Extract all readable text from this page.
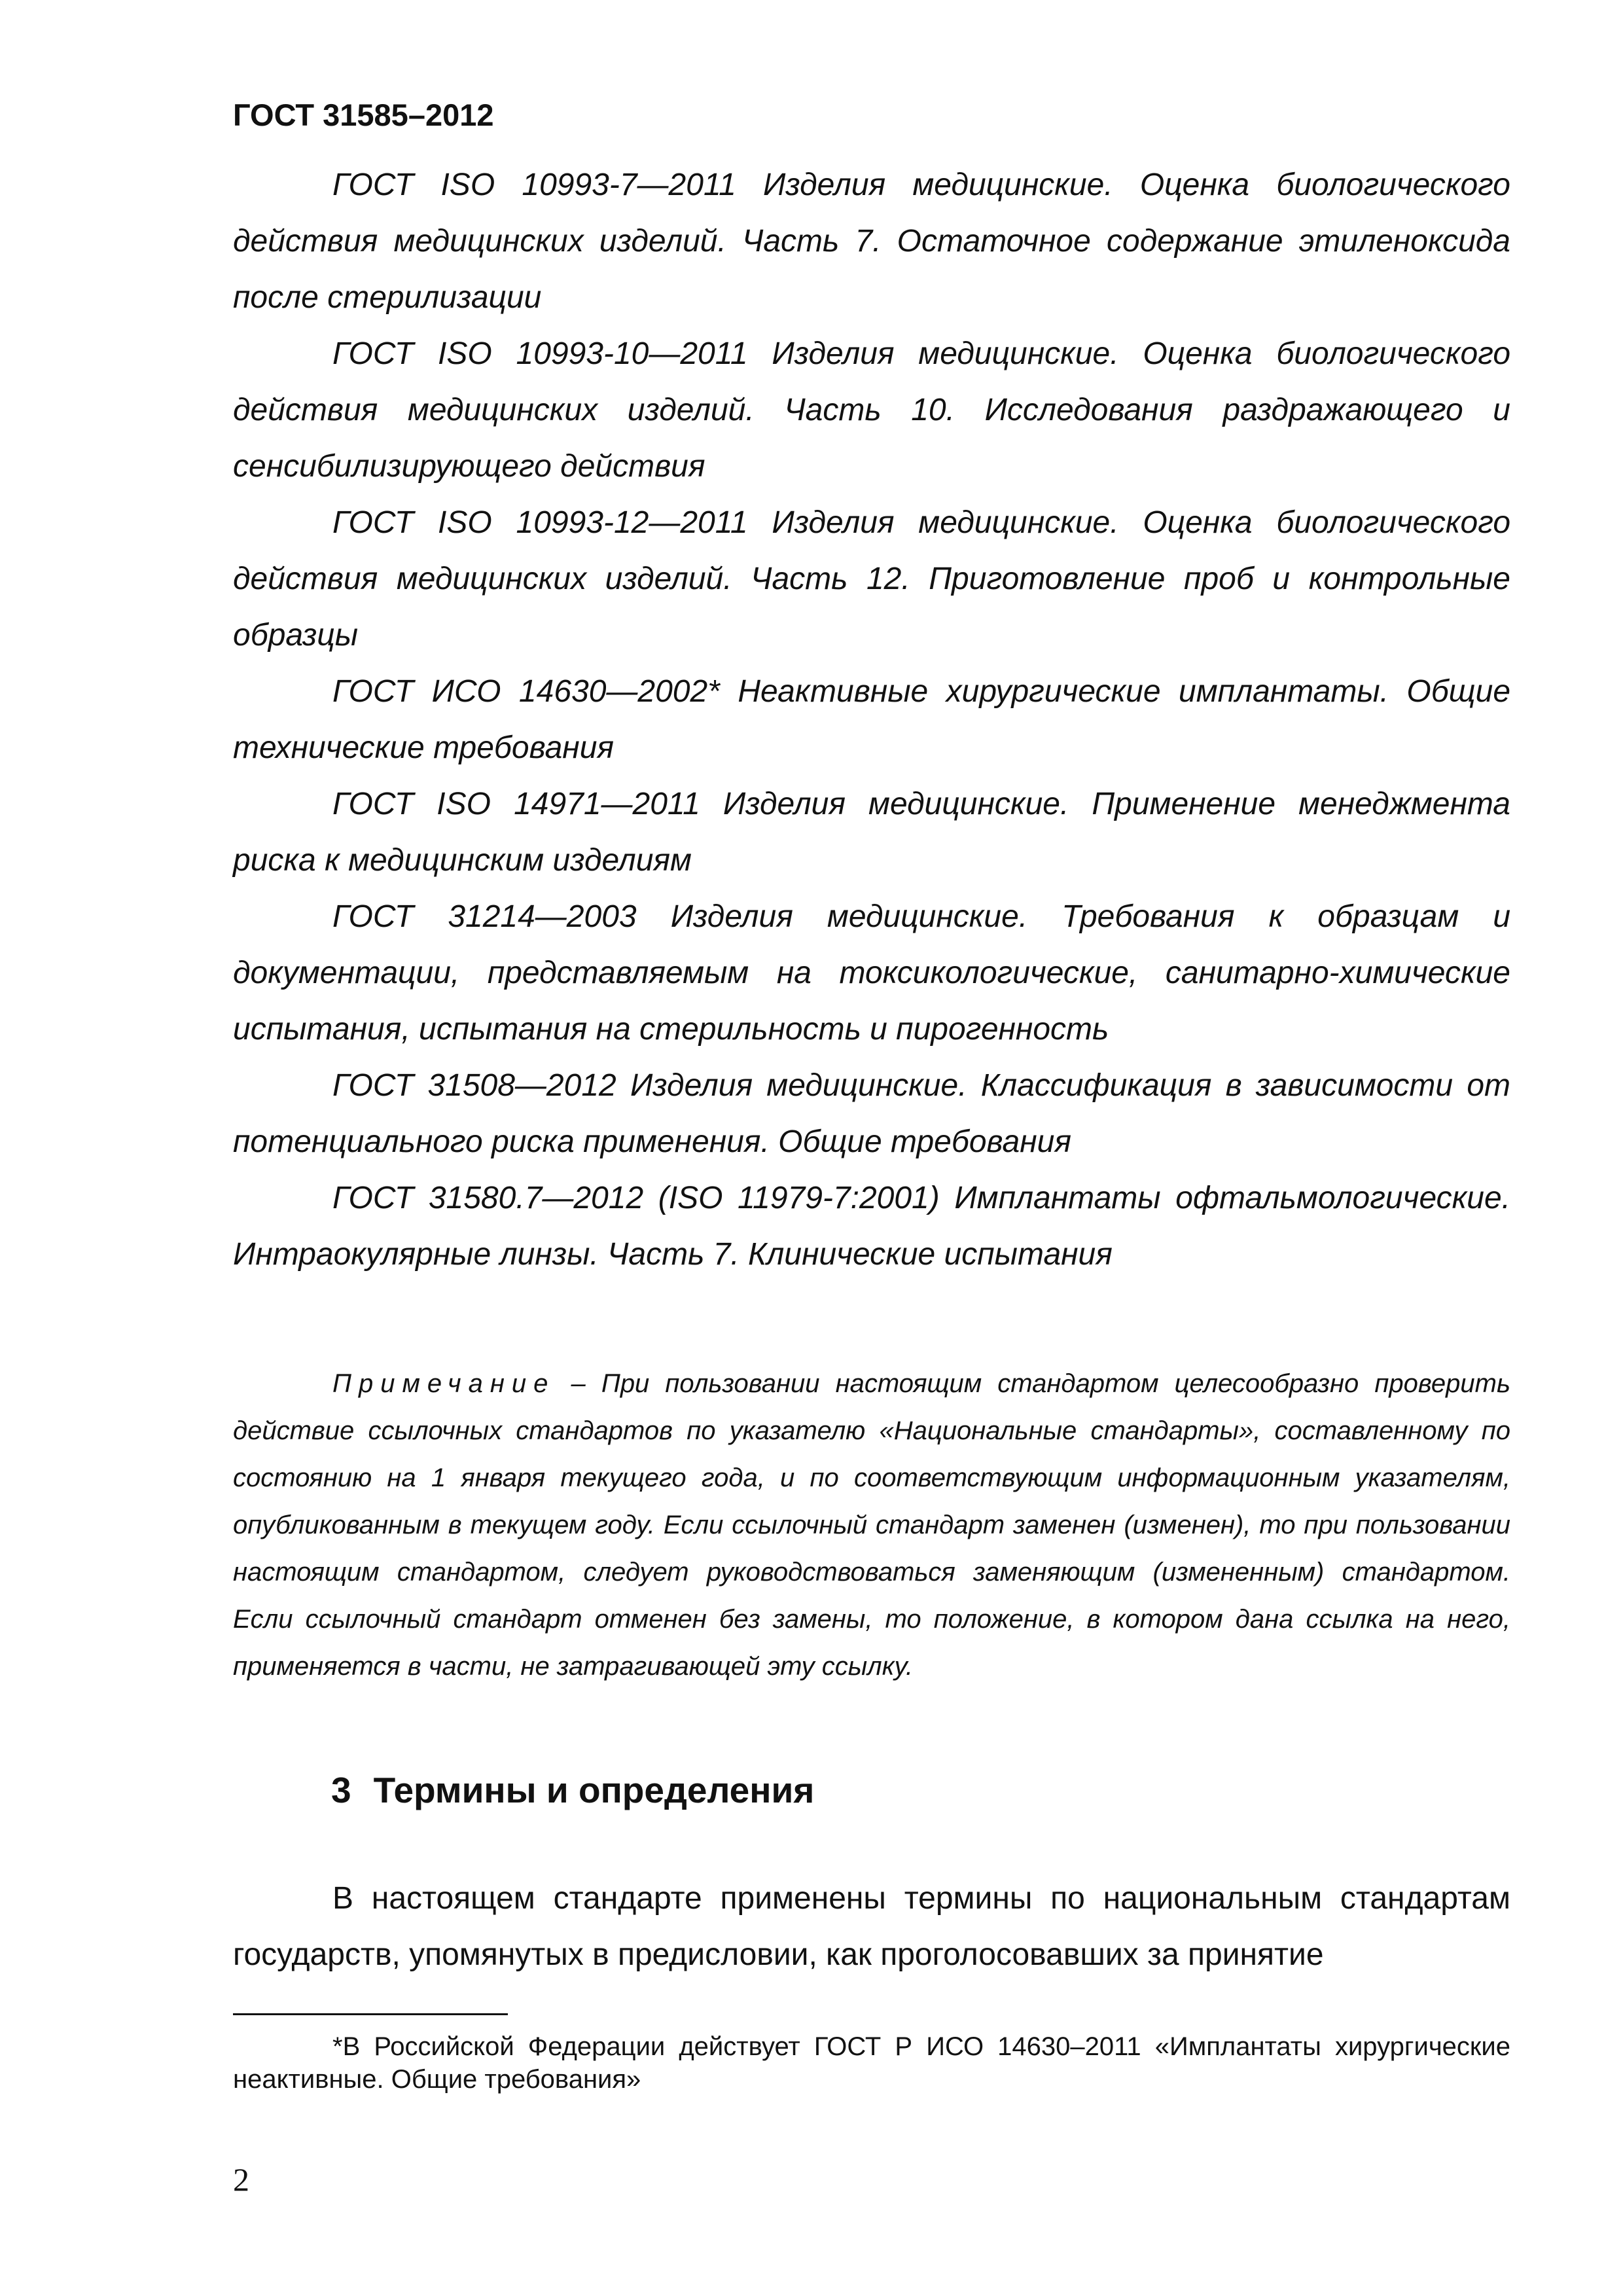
ГОСТ 31585–2012

ГОСТ ISO 10993-7—2011 Изделия медицинские. Оценка биологического действия медицинских изделий. Часть 7. Остаточное содержание этиленоксида после стерилизации

ГОСТ ISO 10993-10—2011 Изделия медицинские. Оценка биологического действия медицинских изделий. Часть 10. Исследования раздражающего и сенсибилизирующего действия

ГОСТ ISO 10993-12—2011 Изделия медицинские. Оценка биологического действия медицинских изделий. Часть 12. Приготовление проб и контрольные образцы

ГОСТ ИСО 14630—2002* Неактивные хирургические имплантаты. Общие технические требования

ГОСТ ISO 14971—2011 Изделия медицинские. Применение менеджмента риска к медицинским изделиям

ГОСТ 31214—2003 Изделия медицинские. Требования к образцам и документации, представляемым на токсикологические, санитарно-химические испытания, испытания на стерильность и пирогенность

ГОСТ 31508—2012 Изделия медицинские. Классификация в зависимости от потенциального риска применения. Общие требования

ГОСТ 31580.7—2012 (ISO 11979-7:2001) Имплантаты офтальмологические. Интраокулярные линзы. Часть 7. Клинические испытания

Примечание – При пользовании настоящим стандартом целесообразно проверить действие ссылочных стандартов по указателю «Национальные стандарты», составленному по состоянию на 1 января текущего года, и по соответствующим информационным указателям, опубликованным в текущем году. Если ссылочный стандарт заменен (изменен), то при пользовании настоящим стандартом, следует руководствоваться заменяющим (измененным) стандартом. Если ссылочный стандарт отменен без замены, то положение, в котором дана ссылка на него, применяется в части, не затрагивающей эту ссылку.

3 Термины и определения

В настоящем стандарте применены термины по национальным стандартам государств, упомянутых в предисловии, как проголосовавших за принятие

*В Российской Федерации действует ГОСТ Р ИСО 14630–2011 «Имплантаты хирургические неактивные. Общие требования»

2
